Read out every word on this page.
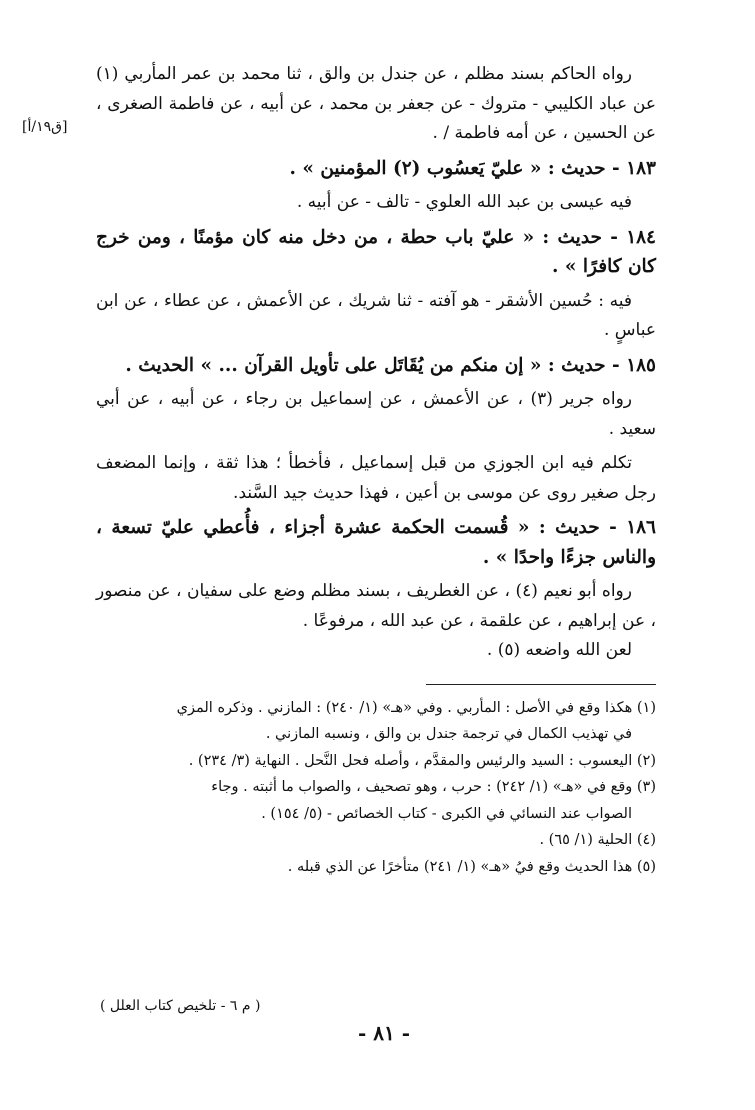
[ق١٩/أ]

رواه الحاكم بسند مظلم ، عن جندل بن والق ، ثنا محمد بن عمر المأربي (١) عن عباد الكليبي - متروك - عن جعفر بن محمد ، عن أبيه ، عن فاطمة الصغرى ، عن الحسين ، عن أمه فاطمة / .

١٨٣ - حديث : « عليّ يَعسُوب (٢) المؤمنين » .

فيه عيسى بن عبد الله العلوي - تالف - عن أبيه .

١٨٤ - حديث : « عليّ باب حطة ، من دخل منه كان مؤمنًا ، ومن خرج كان كافرًا » .

فيه : حُسين الأشقر - هو آفته - ثنا شريك ، عن الأعمش ، عن عطاء ، عن ابن عباسٍ .

١٨٥ - حديث : « إن منكم من يُقَاتَل على تأويل القرآن ... » الحديث .

رواه جرير (٣) ، عن الأعمش ، عن إسماعيل بن رجاء ، عن أبيه ، عن أبي سعيد .

تكلم فيه ابن الجوزي من قبل إسماعيل ، فأخطأ ؛ هذا ثقة ، وإنما المضعف رجل صغير روى عن موسى بن أعين ، فهذا حديث جيد السَّند.

١٨٦ - حديث : « قُسمت الحكمة عشرة أجزاء ، فأُعطي عليّ تسعة ، والناس جزءًا واحدًا » .

رواه أبو نعيم (٤) ، عن الغطريف ، بسند مظلم وضع على سفيان ، عن منصور ، عن إبراهيم ، عن علقمة ، عن عبد الله ، مرفوعًا .

لعن الله واضعه (٥) .

(١) هكذا وقع في الأصل : المأربي . وفي «هـ» (١/ ٢٤٠) : المازني . وذكره المزي

في تهذيب الكمال في ترجمة جندل بن والق ، ونسبه المازني .

(٢) اليعسوب : السيد والرئيس والمقدَّم ، وأصله فحل النَّحل . النهاية (٣/ ٢٣٤) .

(٣) وقع في «هـ» (١/ ٢٤٢) : حرب ، وهو تصحيف ، والصواب ما أثبته . وجاء

الصواب عند النسائي في الكبرى - كتاب الخصائص - (٥/ ١٥٤) .

(٤) الحلية (١/ ٦٥) .

(٥) هذا الحديث وقع فيُ «هـ» (١/ ٢٤١) متأخرًا عن الذي قبله .

( م ٦ - تلخيص كتاب العلل )
- ٨١ -
